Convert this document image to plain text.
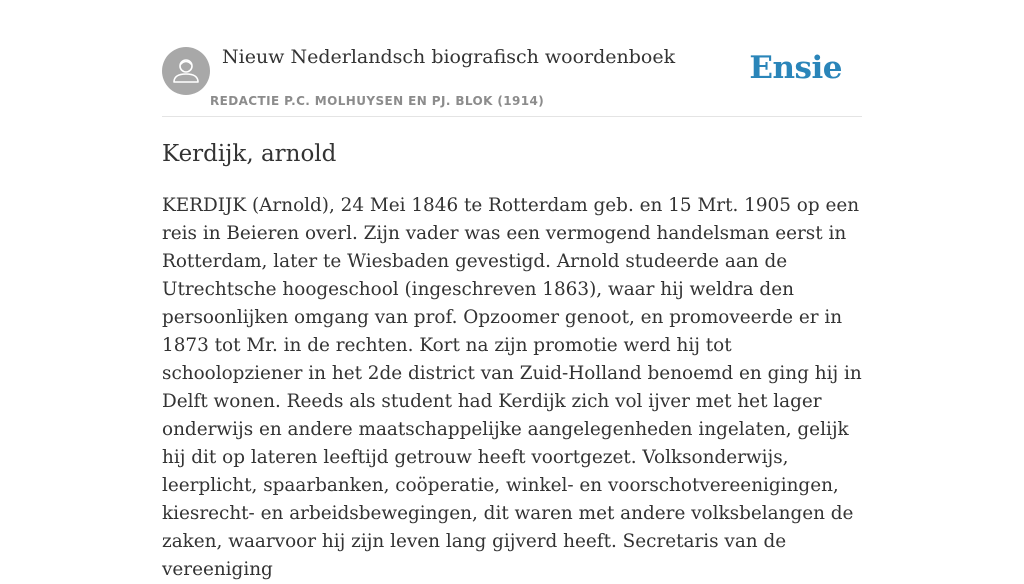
Nieuw Nederlandsch biografisch woordenboek
REDACTIE P.C. MOLHUYSEN EN PJ. BLOK (1914)
Ensie
Kerdijk, arnold

KERDIJK (Arnold), 24 Mei 1846 te Rotterdam geb. en 15 Mrt. 1905 op een reis in Beieren overl. Zijn vader was een vermogend handelsman eerst in Rotterdam, later te Wiesbaden gevestigd. Arnold studeerde aan de Utrechtsche hoogeschool (ingeschreven 1863), waar hij weldra den persoonlijken omgang van prof. Opzoomer genoot, en promoveerde er in 1873 tot Mr. in de rechten. Kort na zijn promotie werd hij tot schoolopziener in het 2de district van Zuid-Holland benoemd en ging hij in Delft wonen. Reeds als student had Kerdijk zich vol ijver met het lager onderwijs en andere maatschappelijke aangelegenheden ingelaten, gelijk hij dit op lateren leeftijd getrouw heeft voortgezet. Volksonderwijs, leerplicht, spaarbanken, coöperatie, winkel- en voorschotvereenigingen, kiesrecht- en arbeidsbewegingen, dit waren met andere volksbelangen de zaken, waarvoor hij zijn leven lang gijverd heeft. Secretaris van de vereeniging
